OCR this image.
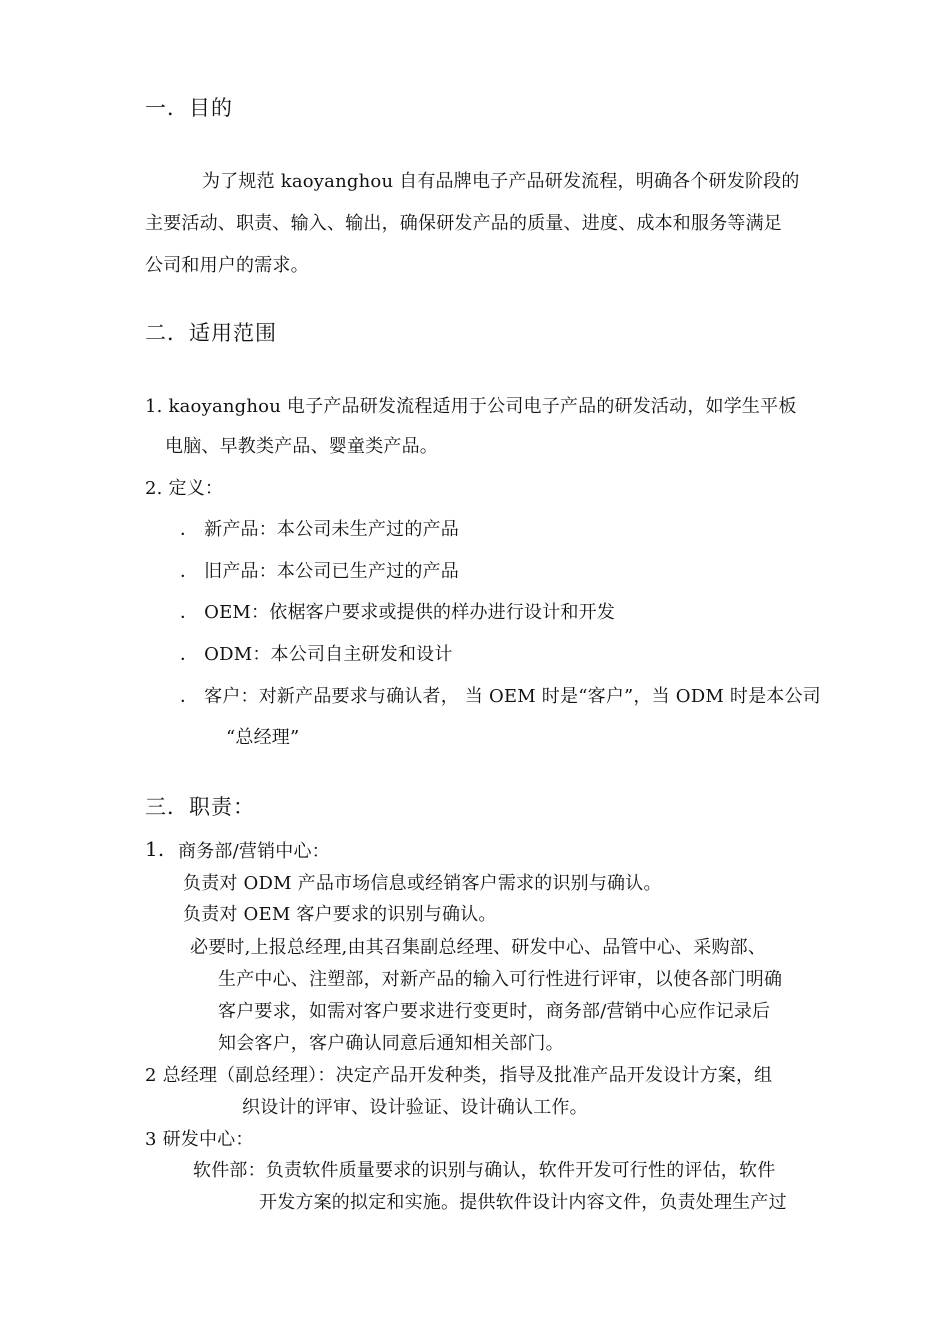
一．目的
为了规范 kaoyanghou 自有品牌电子产品研发流程，明确各个研发阶段的
主要活动、职责、输入、输出，确保研发产品的质量、进度、成本和服务等满足
公司和用户的需求。
二．适用范围
1. kaoyanghou 电子产品研发流程适用于公司电子产品的研发活动，如学生平板
电脑、早教类产品、婴童类产品。
2. 定义：
． 新产品：本公司未生产过的产品
． 旧产品：本公司已生产过的产品
． OEM：依椐客户要求或提供的样办进行设计和开发
． ODM：本公司自主研发和设计
． 客户：对新产品要求与确认者， 当 OEM 时是“客户”，当 ODM 时是本公司
“总经理”
三．职责：
1. 商务部/营销中心：
负责对 ODM 产品市场信息或经销客户需求的识别与确认。
负责对 OEM 客户要求的识别与确认。
必要时,上报总经理,由其召集副总经理、研发中心、品管中心、采购部、
生产中心、注塑部，对新产品的输入可行性进行评审，以使各部门明确
客户要求，如需对客户要求进行变更时，商务部/营销中心应作记录后
知会客户，客户确认同意后通知相关部门。
2 总经理（副总经理）：决定产品开发种类，指导及批准产品开发设计方案，组
织设计的评审、设计验证、设计确认工作。
3 研发中心：
软件部：负责软件质量要求的识别与确认，软件开发可行性的评估，软件
开发方案的拟定和实施。提供软件设计内容文件，负责处理生产过
